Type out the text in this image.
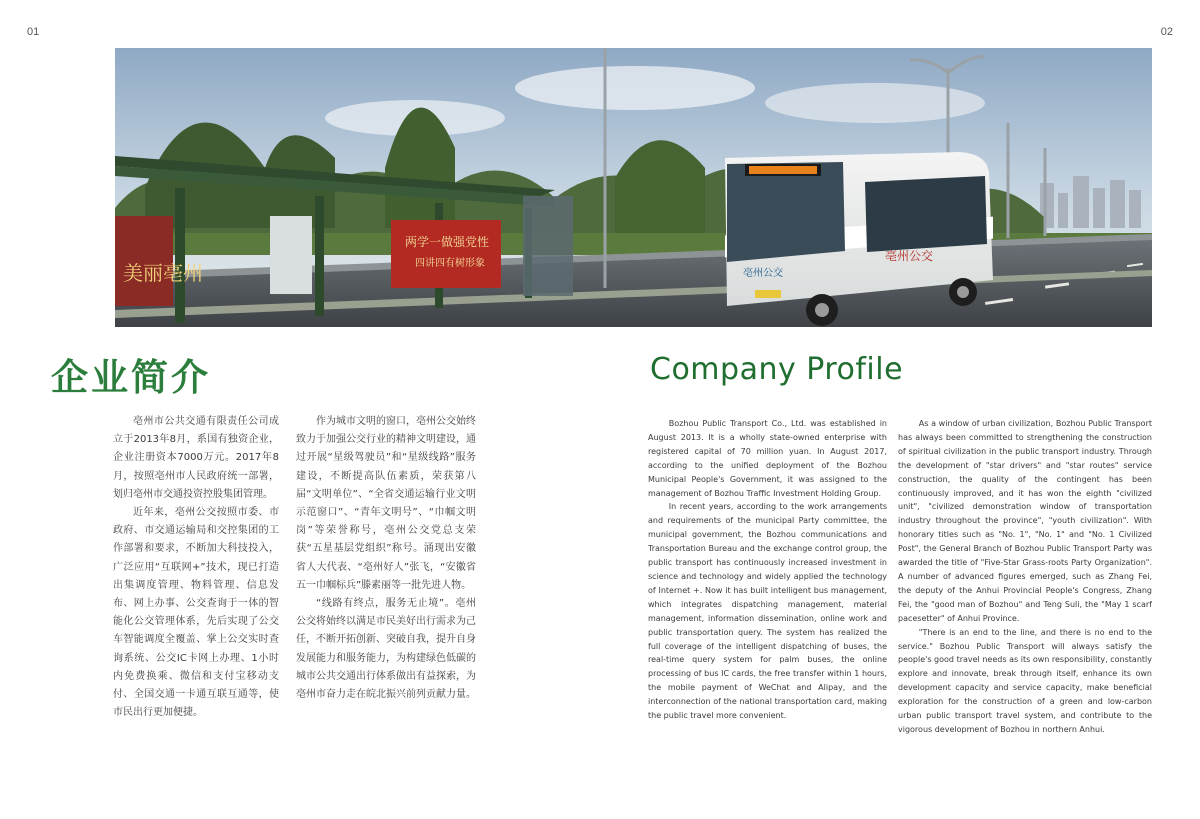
01	02
美丽亳州
两学一做强党性
四讲四有树形象
亳州公交
亳州公交
企业简介	Company Profile

亳州市公共交通有限责任公司成立于2013年8月，系国有独资企业，企业注册资本7000万元。2017年8月，按照亳州市人民政府统一部署，划归亳州市交通投资控股集团管理。

近年来，亳州公交按照市委、市政府、市交通运输局和交控集团的工作部署和要求，不断加大科技投入，广泛应用“互联网+”技术，现已打造出集调度管理、物料管理、信息发布、网上办事、公交查询于一体的智能化公交管理体系，先后实现了公交车智能调度全覆盖、掌上公交实时查询系统、公交IC卡网上办理、1小时内免费换乘、微信和支付宝移动支付、全国交通一卡通互联互通等，使市民出行更加便捷。

作为城市文明的窗口，亳州公交始终致力于加强公交行业的精神文明建设，通过开展“星级驾驶员”和“星级线路”服务建设，不断提高队伍素质，荣获第八届“文明单位”、“全省交通运输行业文明示范窗口”、“青年文明号”、“巾帼文明岗”等荣誉称号，亳州公交党总支荣获“五星基层党组织”称号。涌现出安徽省人大代表、“亳州好人”张飞，“安徽省五一巾帼标兵”滕素丽等一批先进人物。

“线路有终点，服务无止境”。亳州公交将始终以满足市民美好出行需求为己任，不断开拓创新、突破自我，提升自身发展能力和服务能力，为构建绿色低碳的城市公共交通出行体系做出有益探索，为亳州市奋力走在皖北振兴前列贡献力量。

Bozhou Public Transport Co., Ltd. was established in August 2013. It is a wholly state-owned enterprise with registered capital of 70 million yuan. In August 2017, according to the unified deployment of the Bozhou Municipal People's Government, it was assigned to the management of Bozhou Traffic Investment Holding Group.

In recent years, according to the work arrangements and requirements of the municipal Party committee, the municipal government, the Bozhou communications and Transportation Bureau and the exchange control group, the public transport has continuously increased investment in science and technology and widely applied the technology of Internet +. Now it has built intelligent bus management, which integrates dispatching management, material management, information dissemination, online work and public transportation query. The system has realized the full coverage of the intelligent dispatching of buses, the real-time query system for palm buses, the online processing of bus IC cards, the free transfer within 1 hours, the mobile payment of WeChat and Alipay, and the interconnection of the national transportation card, making the public travel more convenient.

As a window of urban civilization, Bozhou Public Transport has always been committed to strengthening the construction of spiritual civilization in the public transport industry. Through the development of "star drivers" and "star routes" service construction, the quality of the contingent has been continuously improved, and it has won the eighth "civilized unit", "civilized demonstration window of transportation industry throughout the province", "youth civilization". With honorary titles such as "No. 1", "No. 1" and "No. 1 Civilized Post", the General Branch of Bozhou Public Transport Party was awarded the title of "Five-Star Grass-roots Party Organization". A number of advanced figures emerged, such as Zhang Fei, the deputy of the Anhui Provincial People's Congress, Zhang Fei, the "good man of Bozhou" and Teng Suli, the "May 1 scarf pacesetter" of Anhui Province.

"There is an end to the line, and there is no end to the service." Bozhou Public Transport will always satisfy the people's good travel needs as its own responsibility, constantly explore and innovate, break through itself, enhance its own development capacity and service capacity, make beneficial exploration for the construction of a green and low-carbon urban public transport travel system, and contribute to the vigorous development of Bozhou in northern Anhui.
